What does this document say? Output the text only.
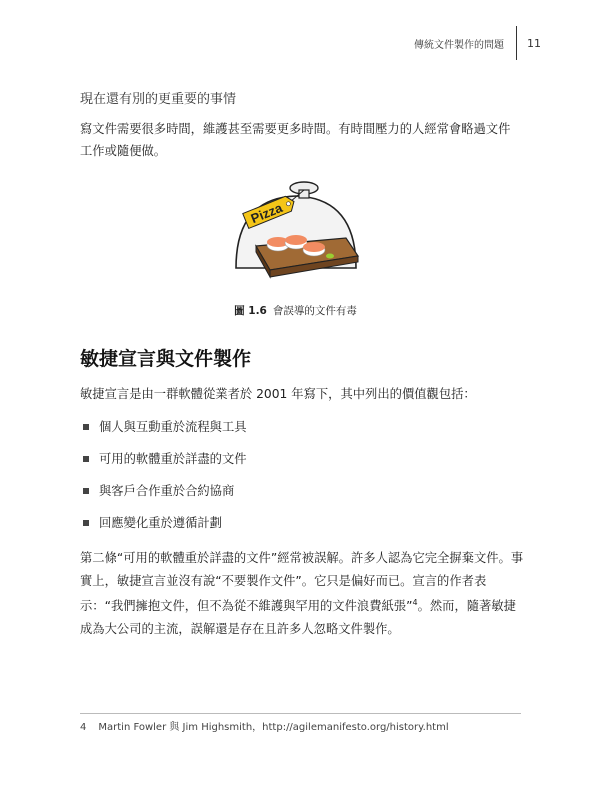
傳統文件製作的問題 11
現在還有別的更重要的事情
寫文件需要很多時間，維護甚至需要更多時間。有時間壓力的人經常會略過文件工作或隨便做。
Pizza
圖 1.6 會誤導的文件有毒
敏捷宣言與文件製作
敏捷宣言是由一群軟體從業者於 2001 年寫下，其中列出的價值觀包括：
個人與互動重於流程與工具
可用的軟體重於詳盡的文件
與客戶合作重於合約協商
回應變化重於遵循計劃
第二條“可用的軟體重於詳盡的文件”經常被誤解。許多人認為它完全摒棄文件。事實上，敏捷宣言並沒有說“不要製作文件”。它只是偏好而已。宣言的作者表示：“我們擁抱文件，但不為從不維護與罕用的文件浪費紙張”$^4$。然而，隨著敏捷成為大公司的主流，誤解還是存在且許多人忽略文件製作。
4 Martin Fowler 與 Jim Highsmith，http://agilemanifesto.org/history.html
